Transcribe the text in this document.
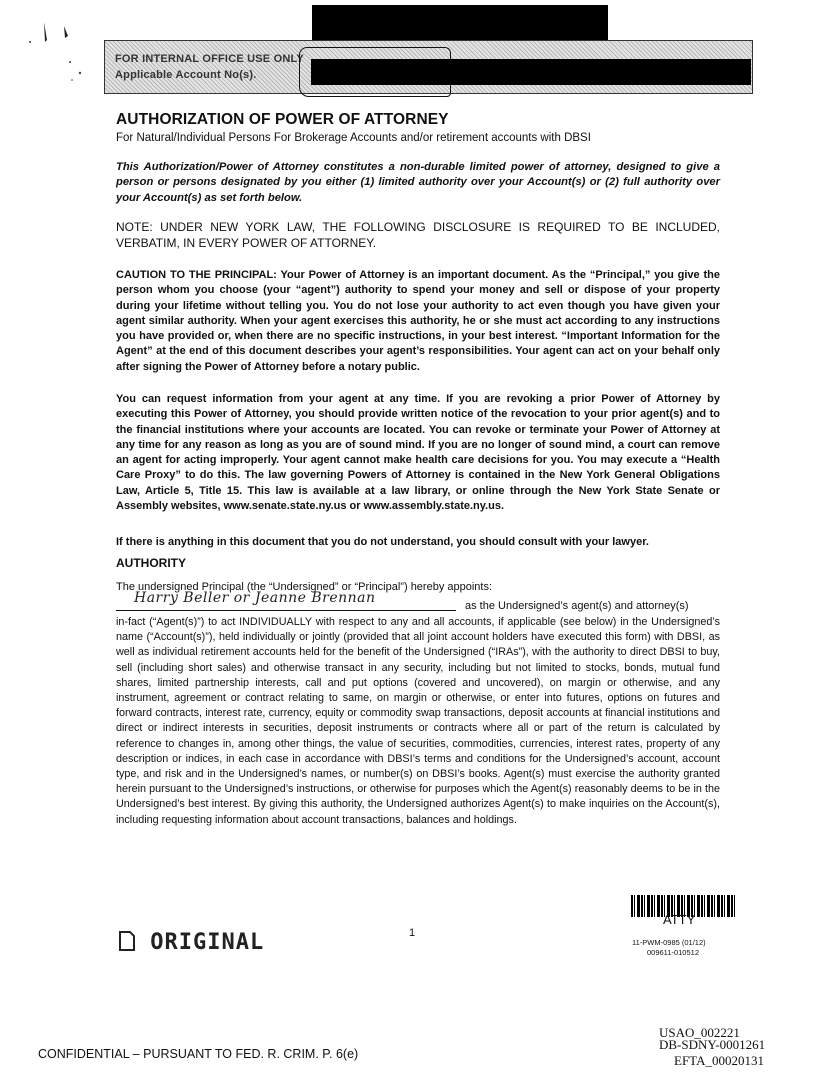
FOR INTERNAL OFFICE USE ONLY
Applicable Account No(s).
AUTHORIZATION OF POWER OF ATTORNEY
For Natural/Individual Persons For Brokerage Accounts and/or retirement accounts with DBSI

This Authorization/Power of Attorney constitutes a non-durable limited power of attorney, designed to give a person or persons designated by you either (1) limited authority over your Account(s) or (2) full authority over your Account(s) as set forth below.

NOTE: UNDER NEW YORK LAW, THE FOLLOWING DISCLOSURE IS REQUIRED TO BE INCLUDED, VERBATIM, IN EVERY POWER OF ATTORNEY.

CAUTION TO THE PRINCIPAL: Your Power of Attorney is an important document. As the “Principal,” you give the person whom you choose (your “agent”) authority to spend your money and sell or dispose of your property during your lifetime without telling you. You do not lose your authority to act even though you have given your agent similar authority. When your agent exercises this authority, he or she must act according to any instructions you have provided or, when there are no specific instructions, in your best interest. “Important Information for the Agent” at the end of this document describes your agent’s responsibilities. Your agent can act on your behalf only after signing the Power of Attorney before a notary public.

You can request information from your agent at any time. If you are revoking a prior Power of Attorney by executing this Power of Attorney, you should provide written notice of the revocation to your prior agent(s) and to the financial institutions where your accounts are located. You can revoke or terminate your Power of Attorney at any time for any reason as long as you are of sound mind. If you are no longer of sound mind, a court can remove an agent for acting improperly. Your agent cannot make health care decisions for you. You may execute a “Health Care Proxy” to do this. The law governing Powers of Attorney is contained in the New York General Obligations Law, Article 5, Title 15. This law is available at a law library, or online through the New York State Senate or Assembly websites, www.senate.state.ny.us or www.assembly.state.ny.us.

If there is anything in this document that you do not understand, you should consult with your lawyer.

AUTHORITY
The undersigned Principal (the “Undersigned” or “Principal”) hereby appoints:
Harry Beller or Jeanne Brennan	as the Undersigned’s agent(s) and attorney(s)

in-fact (“Agent(s)”) to act INDIVIDUALLY with respect to any and all accounts, if applicable (see below) in the Undersigned’s name (“Account(s)”), held individually or jointly (provided that all joint account holders have executed this form) with DBSI, as well as individual retirement accounts held for the benefit of the Undersigned (“IRAs”), with the authority to direct DBSI to buy, sell (including short sales) and otherwise transact in any security, including but not limited to stocks, bonds, mutual fund shares, limited partnership interests, call and put options (covered and uncovered), on margin or otherwise, and any instrument, agreement or contract relating to same, on margin or otherwise, or enter into futures, options on futures and forward contracts, interest rate, currency, equity or commodity swap transactions, deposit accounts at financial institutions and direct or indirect interests in securities, deposit instruments or contracts where all or part of the return is calculated by reference to changes in, among other things, the value of securities, commodities, currencies, interest rates, property of any description or indices, in each case in accordance with DBSI’s terms and conditions for the Undersigned’s account, account type, and risk and in the Undersigned’s names, or number(s) on DBSI’s books. Agent(s) must exercise the authority granted herein pursuant to the Undersigned’s instructions, or otherwise for purposes which the Agent(s) reasonably deems to be in the Undersigned’s best interest. By giving this authority, the Undersigned authorizes Agent(s) to make inquiries on the Account(s), including requesting information about account transactions, balances and holdings.

1
ORIGINAL
ATTY
11-PWM-0985 (01/12)
009611-010512
CONFIDENTIAL – PURSUANT TO FED. R. CRIM. P. 6(e)
USAO_002221
DB-SDNY-0001261
EFTA_00020131
